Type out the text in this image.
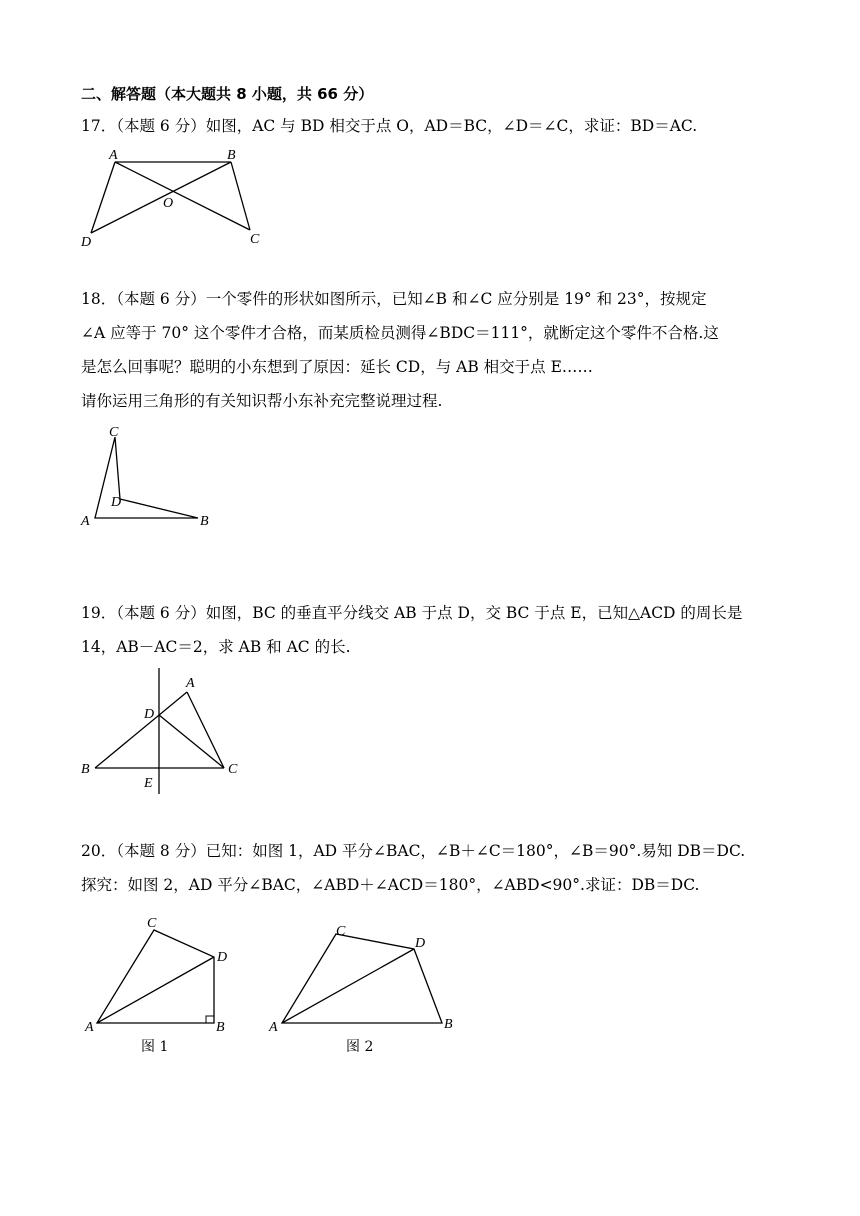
二、解答题（本大题共 8 小题，共 66 分）
17．（本题 6 分）如图，AC 与 BD 相交于点 O，AD＝BC，∠D＝∠C，求证：BD＝AC.
A	B
O
D	C
18．（本题 6 分）一个零件的形状如图所示，已知∠B 和∠C 应分别是 19° 和 23°，按规定
∠A 应等于 70° 这个零件才合格，而某质检员测得∠BDC＝111°，就断定这个零件不合格.这
是怎么回事呢？聪明的小东想到了原因：延长 CD，与 AB 相交于点 E……
请你运用三角形的有关知识帮小东补充完整说理过程.
C
D
A	B
19．（本题 6 分）如图，BC 的垂直平分线交 AB 于点 D，交 BC 于点 E，已知△ACD 的周长是
14，AB－AC＝2，求 AB 和 AC 的长.
A
D
B
E
C
20．（本题 8 分）已知：如图 1，AD 平分∠BAC，∠B＋∠C＝180°，∠B＝90°.易知 DB＝DC.
探究：如图 2，AD 平分∠BAC，∠ABD＋∠ACD＝180°，∠ABD<90°.求证：DB＝DC.
C
D
A	B
图 1
C
D
A	B
图 2
